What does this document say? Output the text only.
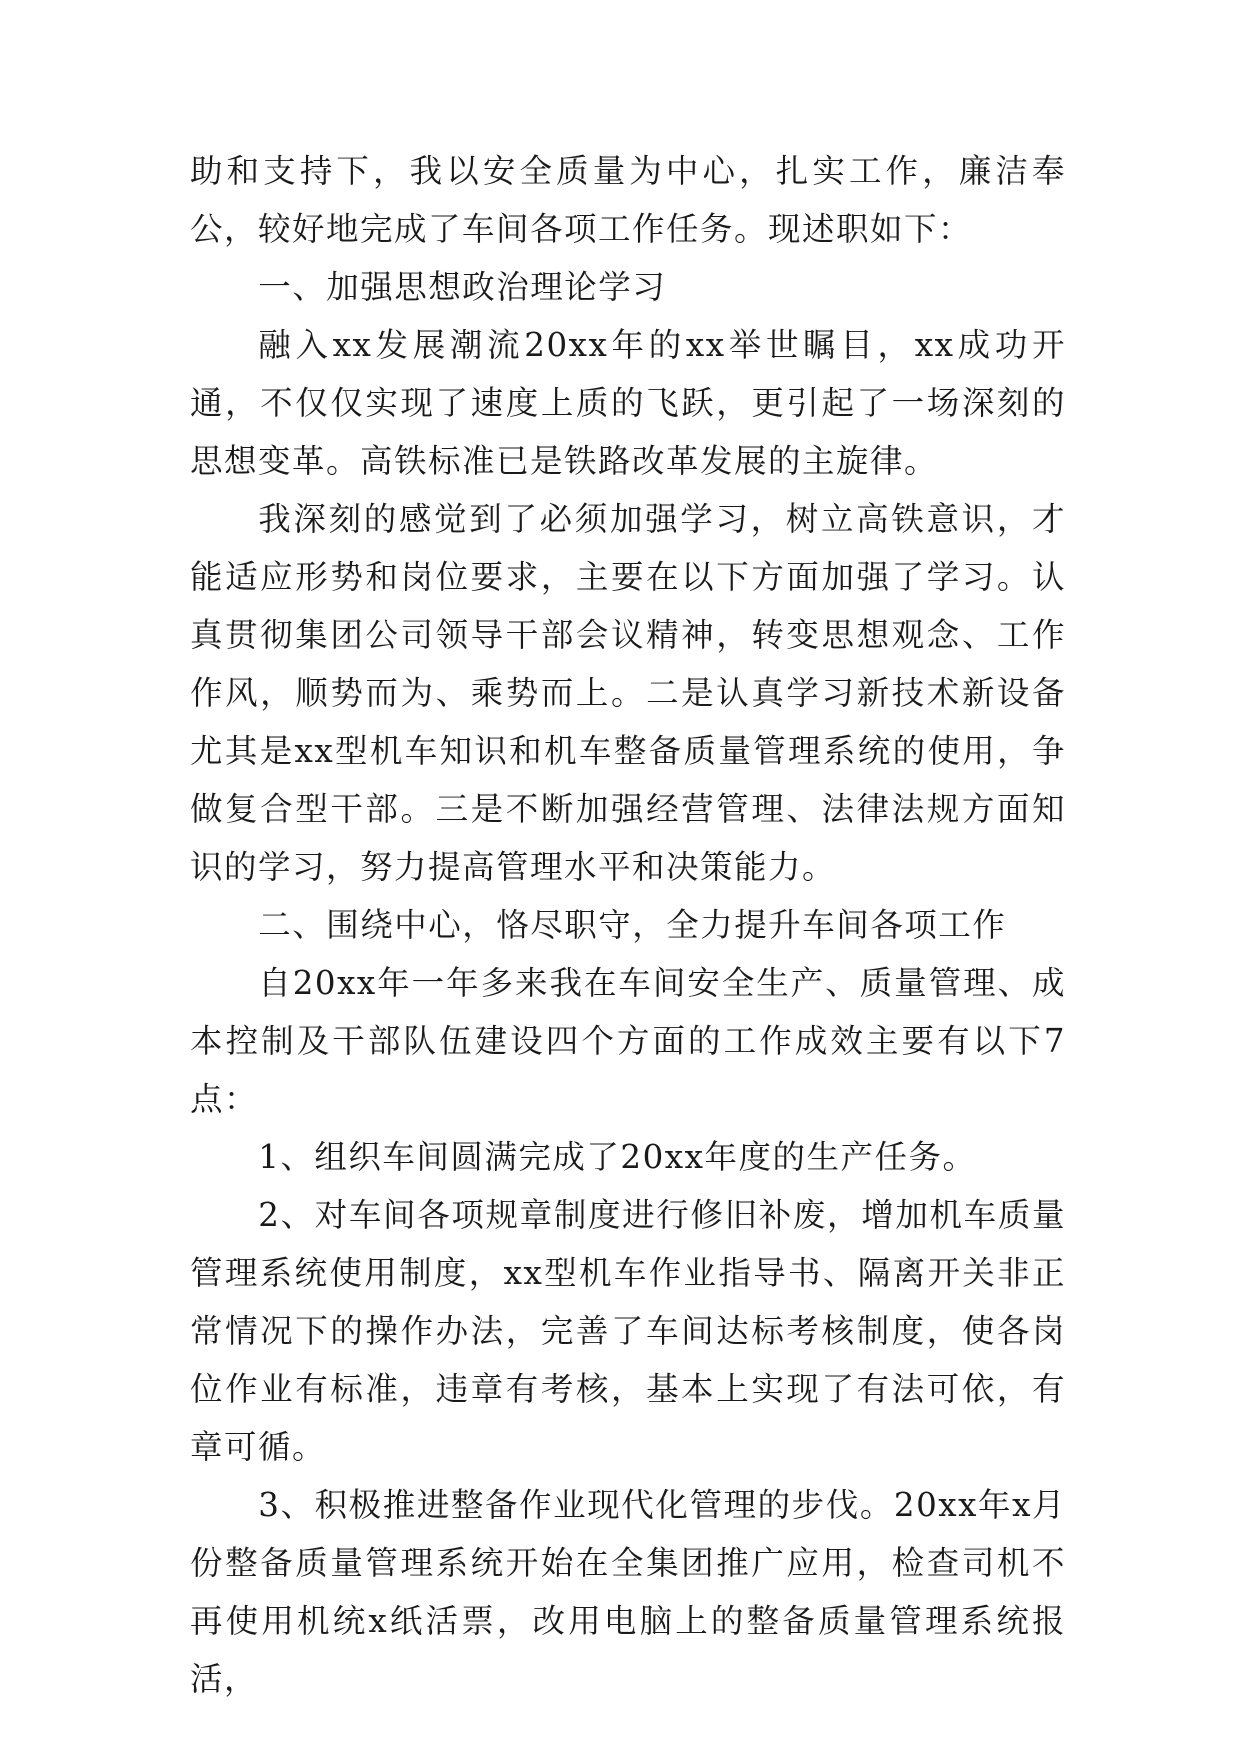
助和支持下，我以安全质量为中心，扎实工作，廉洁奉公，较好地完成了车间各项工作任务。现述职如下：

一、加强思想政治理论学习

融入xx发展潮流20xx年的xx举世瞩目，xx成功开通，不仅仅实现了速度上质的飞跃，更引起了一场深刻的思想变革。高铁标准已是铁路改革发展的主旋律。

我深刻的感觉到了必须加强学习，树立高铁意识，才能适应形势和岗位要求，主要在以下方面加强了学习。认真贯彻集团公司领导干部会议精神，转变思想观念、工作作风，顺势而为、乘势而上。二是认真学习新技术新设备尤其是xx型机车知识和机车整备质量管理系统的使用，争做复合型干部。三是不断加强经营管理、法律法规方面知识的学习，努力提高管理水平和决策能力。

二、围绕中心，恪尽职守，全力提升车间各项工作

自20xx年一年多来我在车间安全生产、质量管理、成本控制及干部队伍建设四个方面的工作成效主要有以下7点：

1、组织车间圆满完成了20xx年度的生产任务。

2、对车间各项规章制度进行修旧补废，增加机车质量管理系统使用制度，xx型机车作业指导书、隔离开关非正常情况下的操作办法，完善了车间达标考核制度，使各岗位作业有标准，违章有考核，基本上实现了有法可依，有章可循。

3、积极推进整备作业现代化管理的步伐。20xx年x月份整备质量管理系统开始在全集团推广应用，检查司机不再使用机统x纸活票，改用电脑上的整备质量管理系统报活，
